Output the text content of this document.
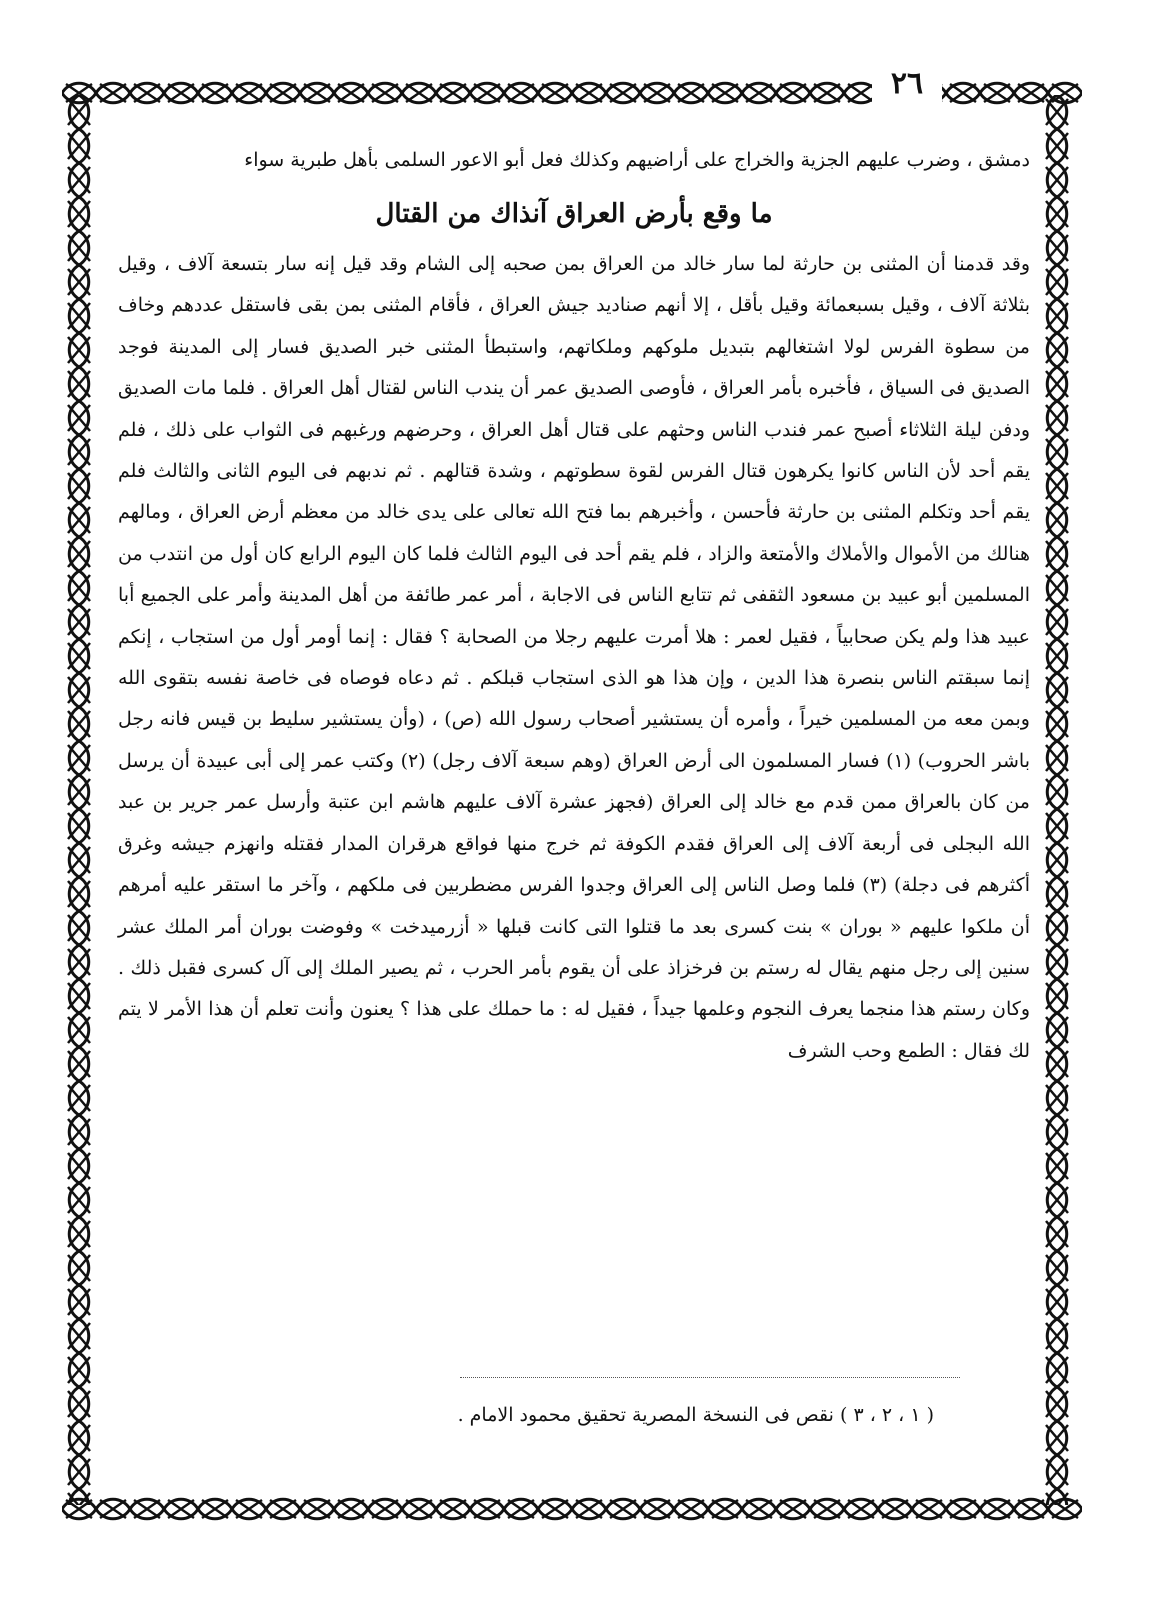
٢٦

دمشق ، وضرب عليهم الجزية والخراج على أراضيهم وكذلك فعل أبو الاعور السلمى بأهل طبرية سواء

ما وقع بأرض العراق آنذاك من القتال

وقد قدمنا أن المثنى بن حارثة لما سار خالد من العراق بمن صحبه إلى الشام وقد قيل إنه سار بتسعة آلاف ، وقيل بثلاثة آلاف ، وقيل بسبعمائة وقيل بأقل ، إلا أنهم صناديد جيش العراق ، فأقام المثنى بمن بقى فاستقل عددهم وخاف من سطوة الفرس لولا اشتغالهم بتبديل ملوكهم وملكاتهم، واستبطأ المثنى خبر الصديق فسار إلى المدينة فوجد الصديق فى السياق ، فأخبره بأمر العراق ، فأوصى الصديق عمر أن يندب الناس لقتال أهل العراق . فلما مات الصديق ودفن ليلة الثلاثاء أصبح عمر فندب الناس وحثهم على قتال أهل العراق ، وحرضهم ورغبهم فى الثواب على ذلك ، فلم يقم أحد لأن الناس كانوا يكرهون قتال الفرس لقوة سطوتهم ، وشدة قتالهم . ثم ندبهم فى اليوم الثانى والثالث فلم يقم أحد وتكلم المثنى بن حارثة فأحسن ، وأخبرهم بما فتح الله تعالى على يدى خالد من معظم أرض العراق ، ومالهم هنالك من الأموال والأملاك والأمتعة والزاد ، فلم يقم أحد فى اليوم الثالث فلما كان اليوم الرابع كان أول من انتدب من المسلمين أبو عبيد بن مسعود الثقفى ثم تتابع الناس فى الاجابة ، أمر عمر طائفة من أهل المدينة وأمر على الجميع أبا عبيد هذا ولم يكن صحابياً ، فقيل لعمر : هلا أمرت عليهم رجلا من الصحابة ؟ فقال : إنما أومر أول من استجاب ، إنكم إنما سبقتم الناس بنصرة هذا الدين ، وإن هذا هو الذى استجاب قبلكم . ثم دعاه فوصاه فى خاصة نفسه بتقوى الله وبمن معه من المسلمين خيراً ، وأمره أن يستشير أصحاب رسول الله (ص) ، (وأن يستشير سليط بن قيس فانه رجل باشر الحروب) (١) فسار المسلمون الى أرض العراق (وهم سبعة آلاف رجل) (٢) وكتب عمر إلى أبى عبيدة أن يرسل من كان بالعراق ممن قدم مع خالد إلى العراق (فجهز عشرة آلاف عليهم هاشم ابن عتبة وأرسل عمر جرير بن عبد الله البجلى فى أربعة آلاف إلى العراق فقدم الكوفة ثم خرج منها فواقع هرقران المدار فقتله وانهزم جيشه وغرق أكثرهم فى دجلة) (٣) فلما وصل الناس إلى العراق وجدوا الفرس مضطربين فى ملكهم ، وآخر ما استقر عليه أمرهم أن ملكوا عليهم « بوران » بنت كسرى بعد ما قتلوا التى كانت قبلها « أزرميدخت » وفوضت بوران أمر الملك عشر سنين إلى رجل منهم يقال له رستم بن فرخزاذ على أن يقوم بأمر الحرب ، ثم يصير الملك إلى آل كسرى فقبل ذلك . وكان رستم هذا منجما يعرف النجوم وعلمها جيداً ، فقيل له : ما حملك على هذا ؟ يعنون وأنت تعلم أن هذا الأمر لا يتم لك فقال : الطمع وحب الشرف

( ١ ، ٢ ، ٣ ) نقص فى النسخة المصرية تحقيق محمود الامام .
